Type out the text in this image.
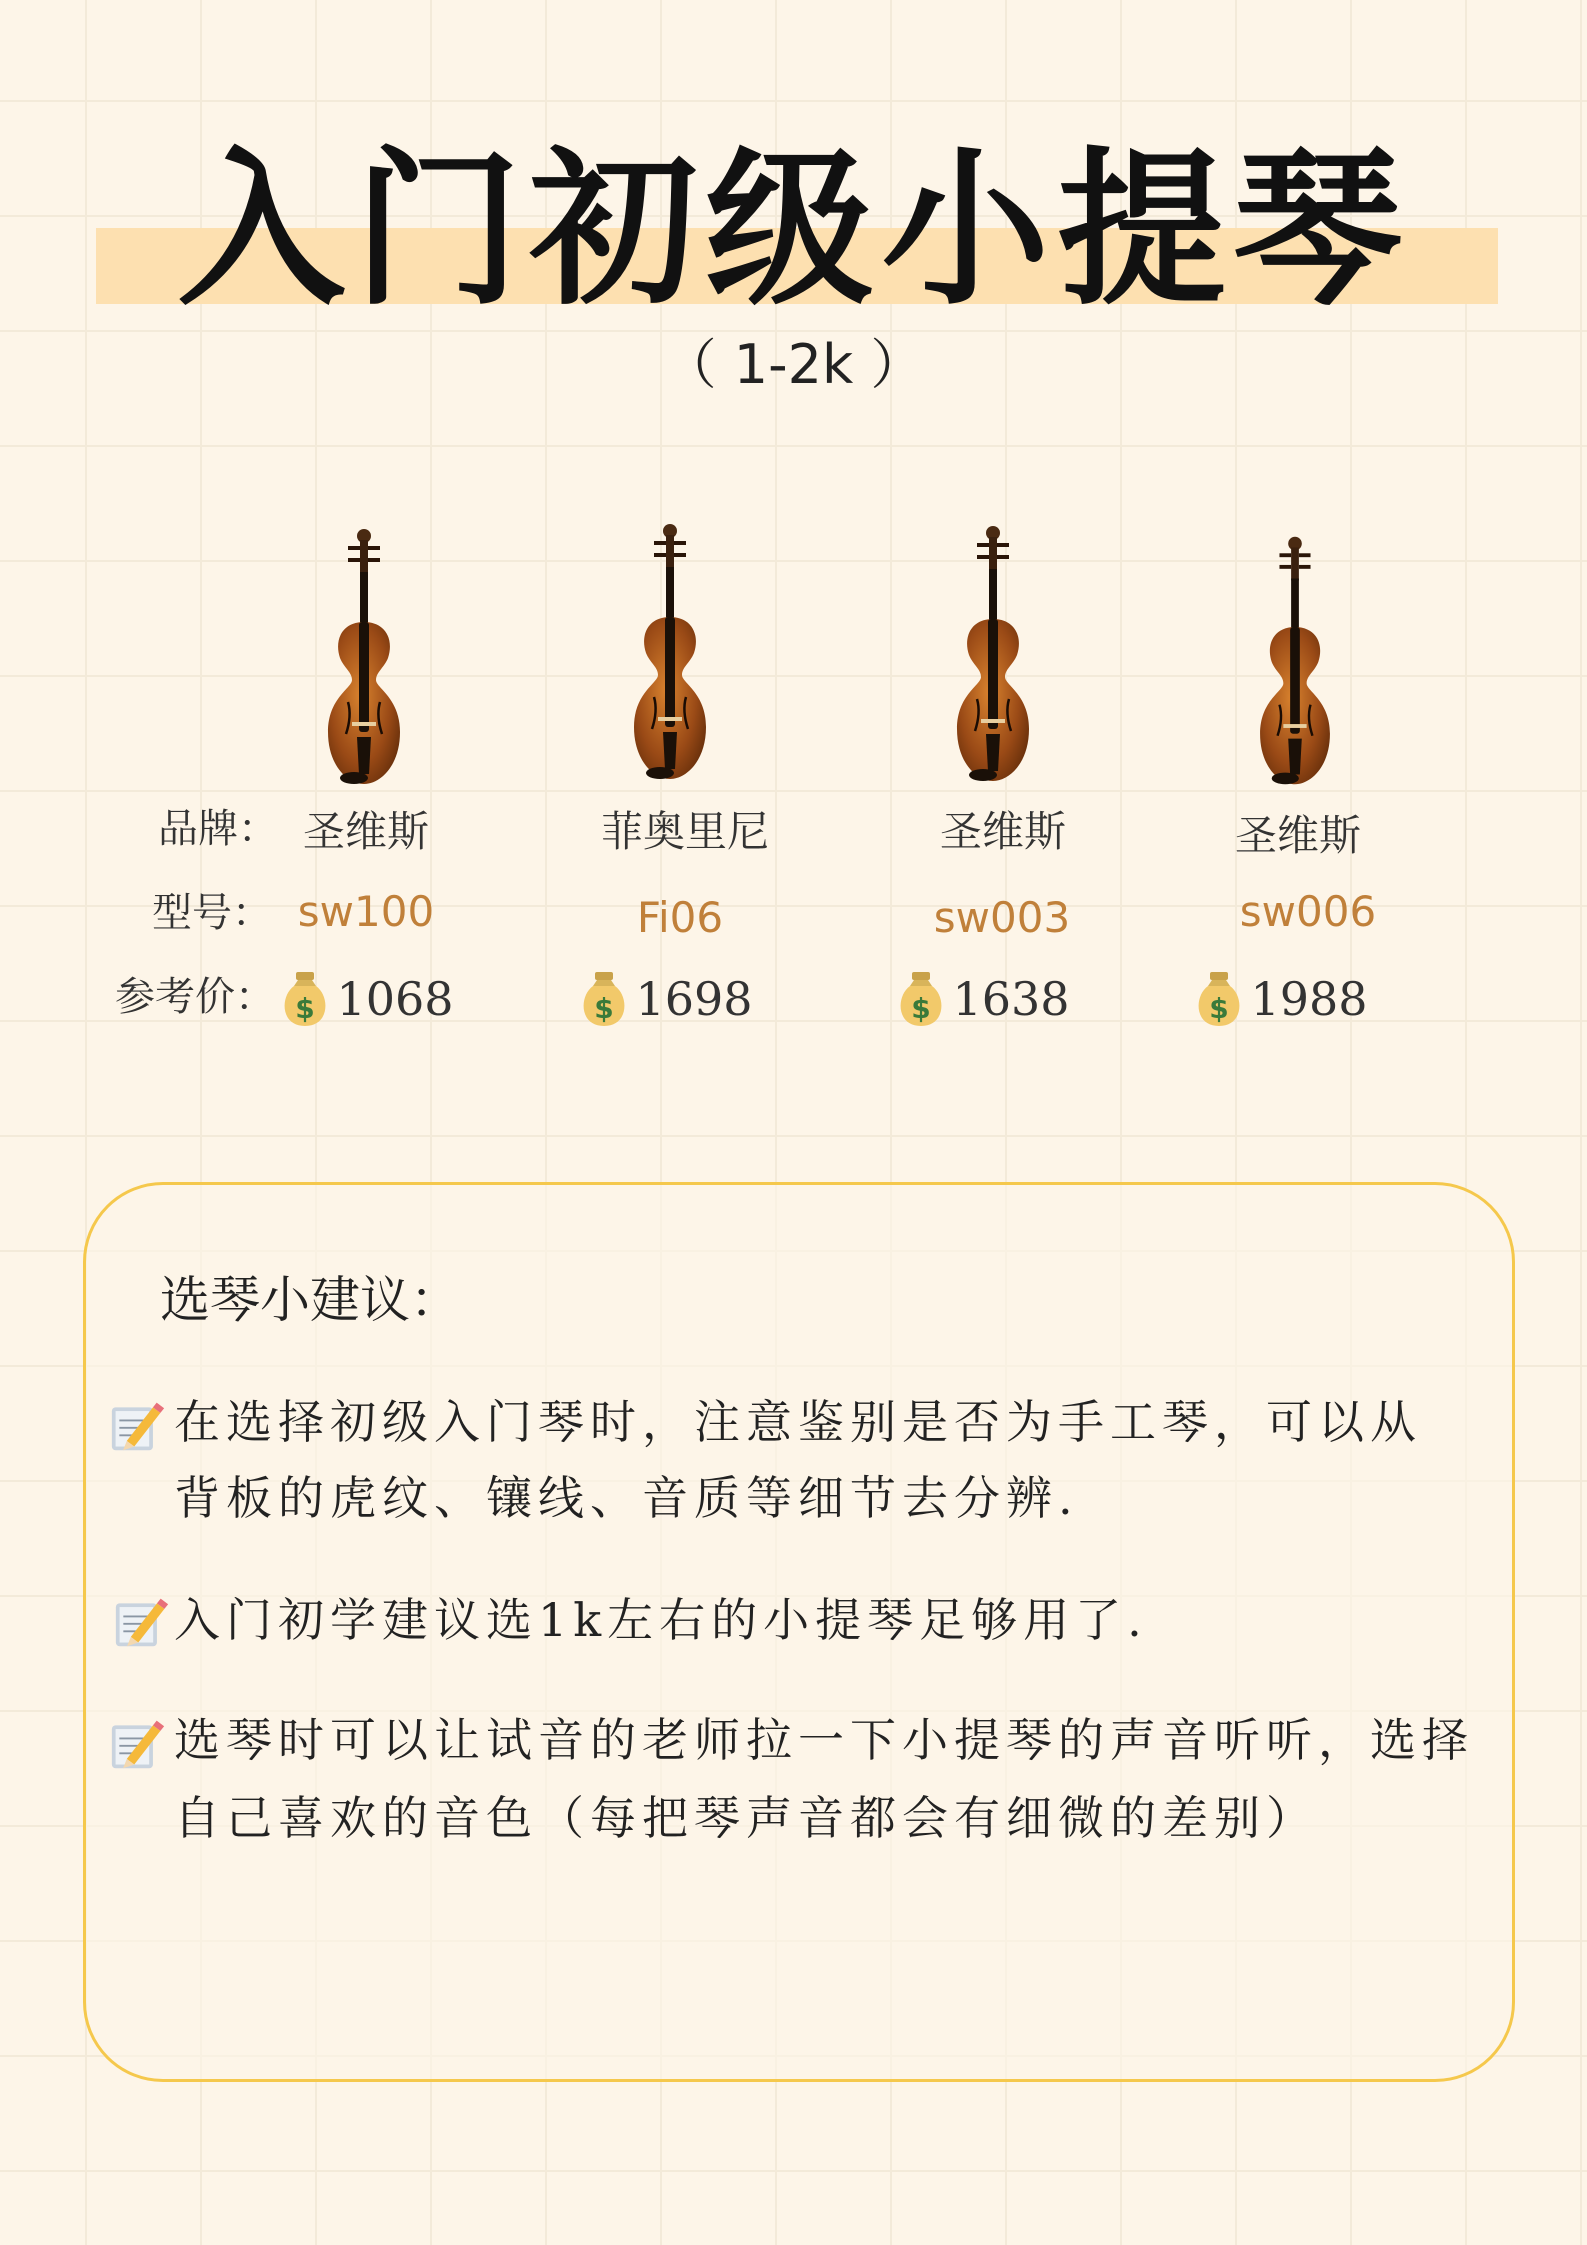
入门初级小提琴
（ 1-2k ）
品牌：
型号：
参考价：
圣维斯
sw100
1068
菲奥里尼
Fi06
1698
圣维斯
sw003
1638
圣维斯
sw006
1988
选琴小建议：
在选择初级入门琴时，注意鉴别是否为手工琴，可以从
背板的虎纹、镶线、音质等细节去分辨.
入门初学建议选1k左右的小提琴足够用了.
选琴时可以让试音的老师拉一下小提琴的声音听听，选择
自己喜欢的音色（每把琴声音都会有细微的差别）
